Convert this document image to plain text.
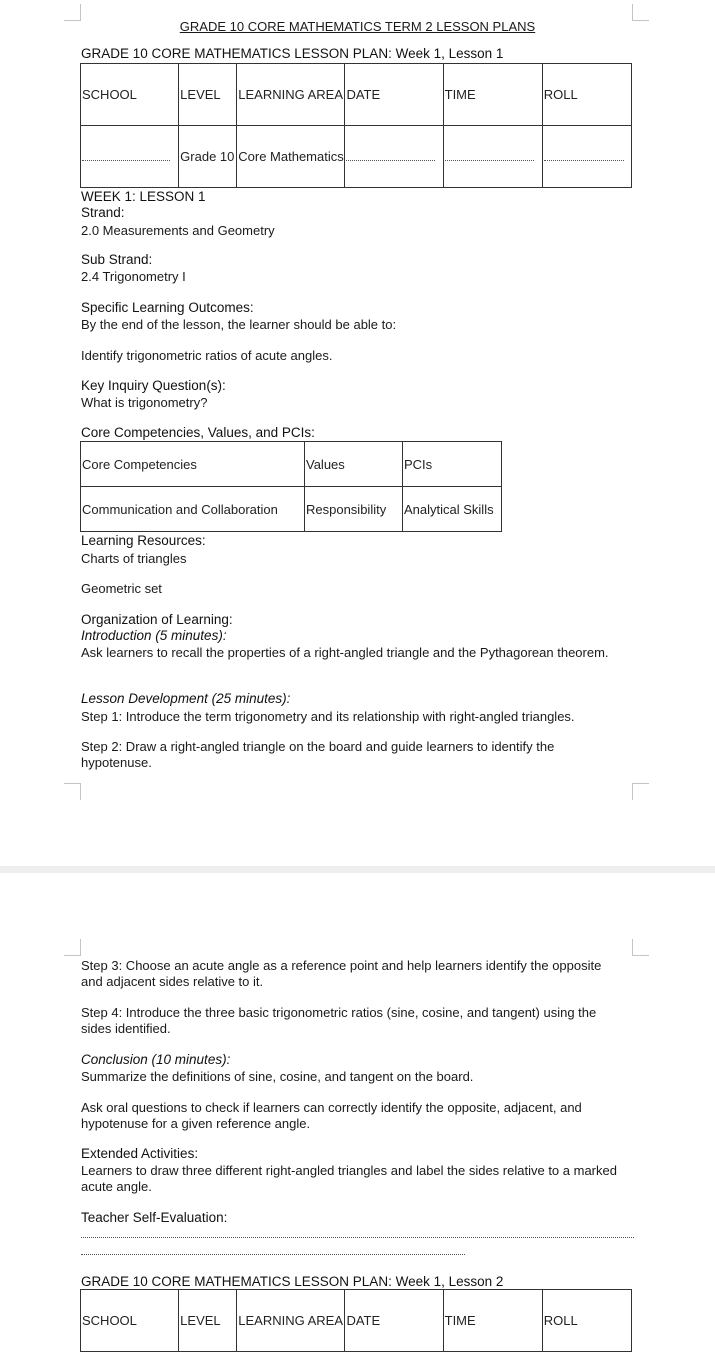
GRADE 10 CORE MATHEMATICS TERM 2 LESSON PLANS
GRADE 10 CORE MATHEMATICS LESSON PLAN: Week 1, Lesson 1
SCHOOL	LEVEL	LEARNING AREA	DATE	TIME	ROLL

	Grade 10	Core Mathematics	

WEEK 1: LESSON 1
Strand:
2.0 Measurements and Geometry
Sub Strand:
2.4 Trigonometry I
Specific Learning Outcomes:
By the end of the lesson, the learner should be able to:
Identify trigonometric ratios of acute angles.
Key Inquiry Question(s):
What is trigonometry?
Core Competencies, Values, and PCIs:
Core Competencies	Values	PCIs
Communication and Collaboration	Responsibility	Analytical Skills
Learning Resources:
Charts of triangles
Geometric set
Organization of Learning:
Introduction (5 minutes):
Ask learners to recall the properties of a right-angled triangle and the Pythagorean theorem.
Lesson Development (25 minutes):
Step 1: Introduce the term trigonometry and its relationship with right-angled triangles.
Step 2: Draw a right-angled triangle on the board and guide learners to identify the hypotenuse.
Step 3: Choose an acute angle as a reference point and help learners identify the opposite and adjacent sides relative to it.
Step 4: Introduce the three basic trigonometric ratios (sine, cosine, and tangent) using the sides identified.
Conclusion (10 minutes):
Summarize the definitions of sine, cosine, and tangent on the board.
Ask oral questions to check if learners can correctly identify the opposite, adjacent, and hypotenuse for a given reference angle.
Extended Activities:
Learners to draw three different right-angled triangles and label the sides relative to a marked acute angle.
Teacher Self-Evaluation:
GRADE 10 CORE MATHEMATICS LESSON PLAN: Week 1, Lesson 2
SCHOOL	LEVEL	LEARNING AREA	DATE	TIME	ROLL
